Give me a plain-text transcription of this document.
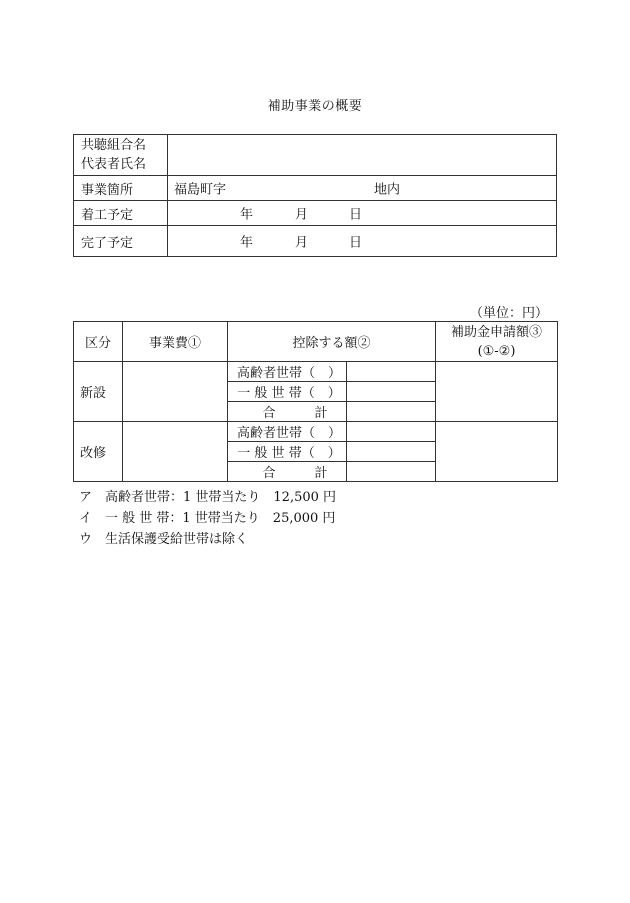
補助事業の概要
共聴組合名
代表者氏名	

事業箇所	福島町字 地内

着工予定	年 月 日

完了予定	年 月 日
（単位：円）
区分	事業費①	控除する額②		補助金申請額③
(①-②)

新設		高齢者世帯（　）		
		一 般 世 帯（　）		
		合　　　計		
改修		高齢者世帯（　）		
		一 般 世 帯（　）		
		合　　　計		
ア　高齢者世帯：1 世帯当たり　12,500 円
イ　一 般 世 帯：1 世帯当たり　25,000 円
ウ　生活保護受給世帯は除く
